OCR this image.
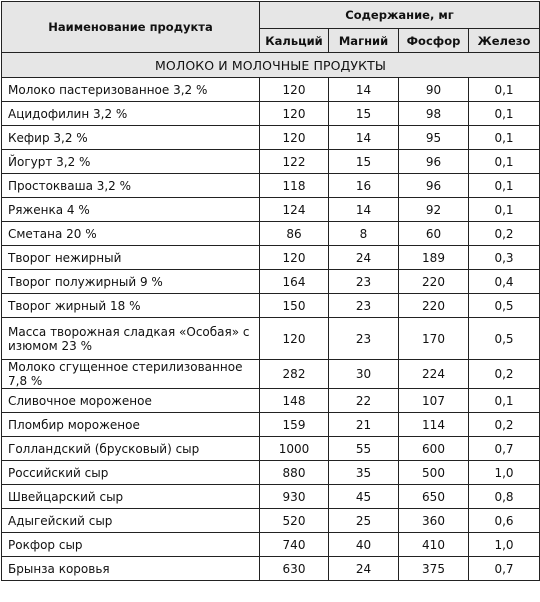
Наименование продукта	Содержание, мг			
	Кальций	Магний	Фосфор	Железо
МОЛОКО И МОЛОЧНЫЕ ПРОДУКТЫ				
Молоко пастеризованное 3,2 %	120	14	90	0,1
Ацидофилин 3,2 %	120	15	98	0,1
Кефир 3,2 %	120	14	95	0,1
Йогурт 3,2 %	122	15	96	0,1
Простокваша 3,2 %	118	16	96	0,1
Ряженка 4 %	124	14	92	0,1
Сметана 20 %	86	8	60	0,2
Творог нежирный	120	24	189	0,3
Творог полужирный 9 %	164	23	220	0,4
Творог жирный 18 %	150	23	220	0,5
Масса творожная сладкая «Особая» с изюмом 23 %	120	23	170	0,5
Молоко сгущенное стерилизованное 7,8 %	282	30	224	0,2
Сливочное мороженое	148	22	107	0,1
Пломбир мороженое	159	21	114	0,2
Голландский (брусковый) сыр	1000	55	600	0,7
Российский сыр	880	35	500	1,0
Швейцарский сыр	930	45	650	0,8
Адыгейский сыр	520	25	360	0,6
Рокфор сыр	740	40	410	1,0
Брынза коровья	630	24	375	0,7
